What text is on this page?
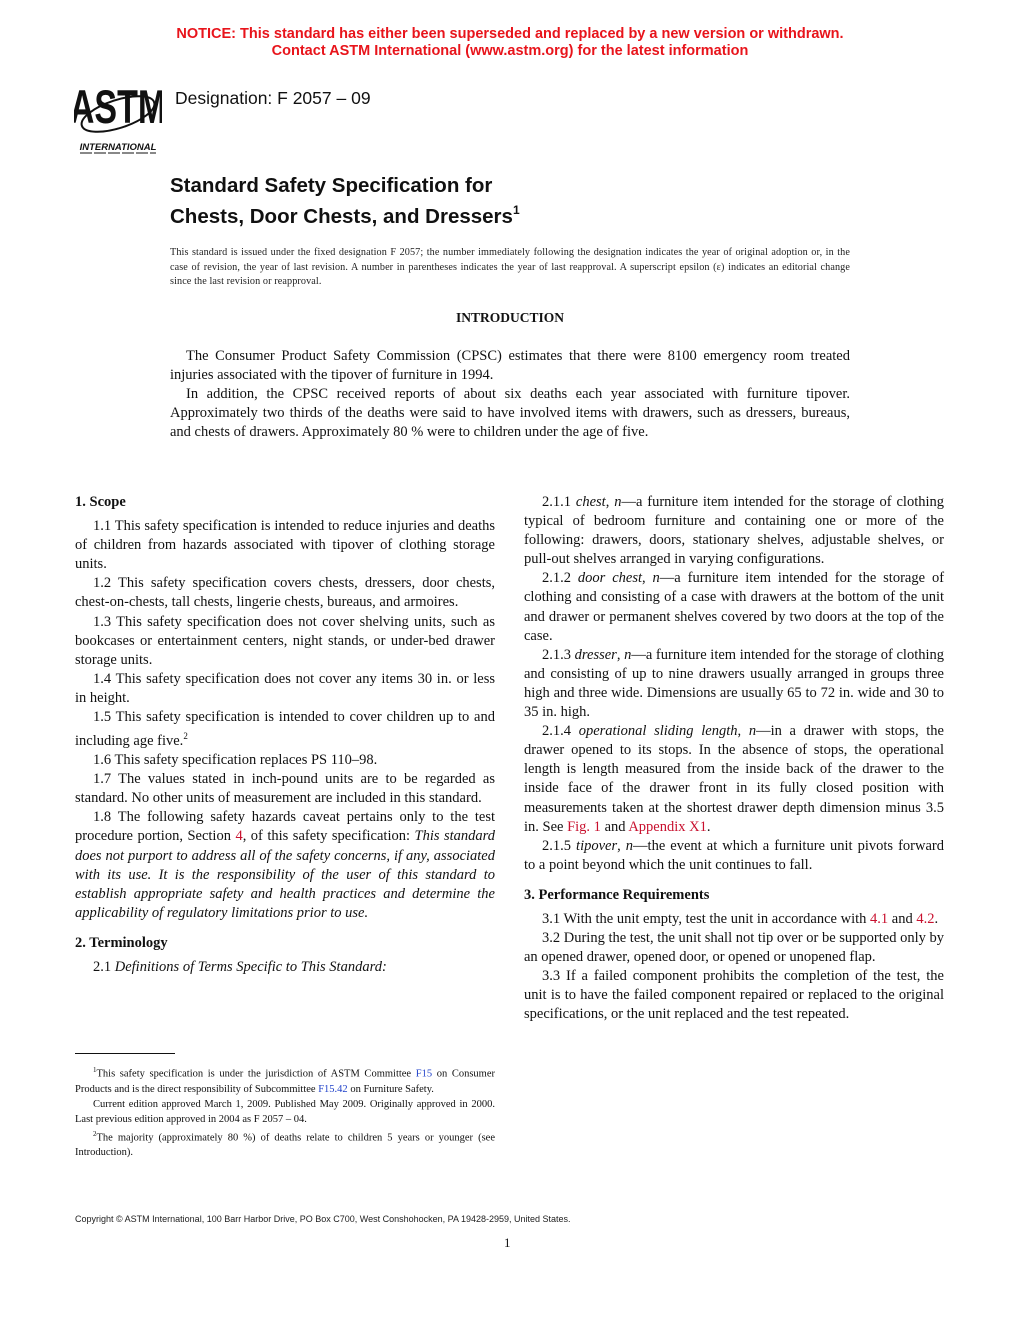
NOTICE: This standard has either been superseded and replaced by a new version or withdrawn.
Contact ASTM International (www.astm.org) for the latest information
ASTM
INTERNATIONAL
Designation: F 2057 – 09
Standard Safety Specification for
Chests, Door Chests, and Dressers$^1$
This standard is issued under the fixed designation F 2057; the number immediately following the designation indicates the year of original adoption or, in the case of revision, the year of last revision. A number in parentheses indicates the year of last reapproval. A superscript epsilon (ε) indicates an editorial change since the last revision or reapproval.
INTRODUCTION

The Consumer Product Safety Commission (CPSC) estimates that there were 8100 emergency room treated injuries associated with the tipover of furniture in 1994.

In addition, the CPSC received reports of about six deaths each year associated with furniture tipover. Approximately two thirds of the deaths were said to have involved items with drawers, such as dressers, bureaus, and chests of drawers. Approximately 80 % were to children under the age of five.

1. Scope

1.1 This safety specification is intended to reduce injuries and deaths of children from hazards associated with tipover of clothing storage units.

1.2 This safety specification covers chests, dressers, door chests, chest-on-chests, tall chests, lingerie chests, bureaus, and armoires.

1.3 This safety specification does not cover shelving units, such as bookcases or entertainment centers, night stands, or under-bed drawer storage units.

1.4 This safety specification does not cover any items 30 in. or less in height.

1.5 This safety specification is intended to cover children up to and including age five.$^2$

1.6 This safety specification replaces PS 110–98.

1.7 The values stated in inch-pound units are to be regarded as standard. No other units of measurement are included in this standard.

1.8 The following safety hazards caveat pertains only to the test procedure portion, Section 4, of this safety specification: This standard does not purport to address all of the safety concerns, if any, associated with its use. It is the responsibility of the user of this standard to establish appropriate safety and health practices and determine the applicability of regulatory limitations prior to use.

2. Terminology

2.1 Definitions of Terms Specific to This Standard:

$^1$This safety specification is under the jurisdiction of ASTM Committee F15 on Consumer Products and is the direct responsibility of Subcommittee F15.42 on Furniture Safety.

Current edition approved March 1, 2009. Published May 2009. Originally approved in 2000. Last previous edition approved in 2004 as F 2057 – 04.

$^2$The majority (approximately 80 %) of deaths relate to children 5 years or younger (see Introduction).

2.1.1 chest, n—a furniture item intended for the storage of clothing typical of bedroom furniture and containing one or more of the following: drawers, doors, stationary shelves, adjustable shelves, or pull-out shelves arranged in varying configurations.

2.1.2 door chest, n—a furniture item intended for the storage of clothing and consisting of a case with drawers at the bottom of the unit and drawer or permanent shelves covered by two doors at the top of the case.

2.1.3 dresser, n—a furniture item intended for the storage of clothing and consisting of up to nine drawers usually arranged in groups three high and three wide. Dimensions are usually 65 to 72 in. wide and 30 to 35 in. high.

2.1.4 operational sliding length, n—in a drawer with stops, the drawer opened to its stops. In the absence of stops, the operational length is length measured from the inside back of the drawer to the inside face of the drawer front in its fully closed position with measurements taken at the shortest drawer depth dimension minus 3.5 in. See Fig. 1 and Appendix X1.

2.1.5 tipover, n—the event at which a furniture unit pivots forward to a point beyond which the unit continues to fall.

3. Performance Requirements

3.1 With the unit empty, test the unit in accordance with 4.1 and 4.2.

3.2 During the test, the unit shall not tip over or be supported only by an opened drawer, opened door, or opened or unopened flap.

3.3 If a failed component prohibits the completion of the test, the unit is to have the failed component repaired or replaced to the original specifications, or the unit replaced and the test repeated.

Copyright © ASTM International, 100 Barr Harbor Drive, PO Box C700, West Conshohocken, PA 19428-2959, United States.
1
